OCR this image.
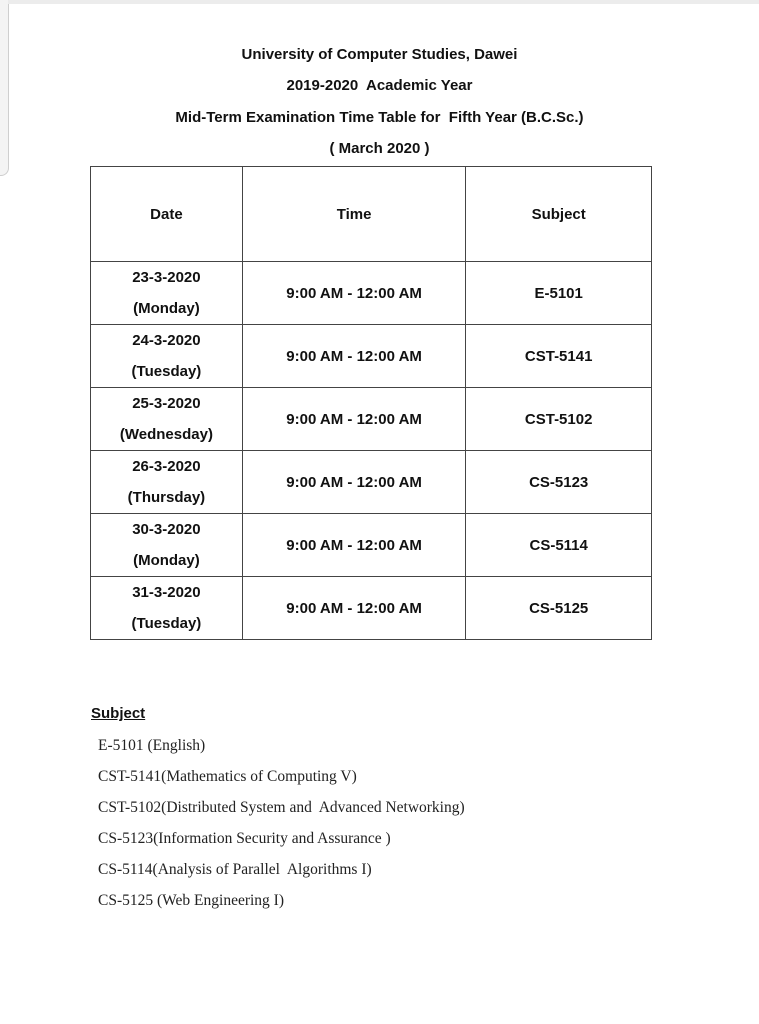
University of Computer Studies, Dawei
2019-2020  Academic Year
Mid-Term Examination Time Table for  Fifth Year (B.C.Sc.)
( March 2020 )
Date	Time	Subject

23-3-2020
(Monday)	9:00 AM - 12:00 AM	E-5101

24-3-2020
(Tuesday)	9:00 AM - 12:00 AM	CST-5141

25-3-2020
(Wednesday)	9:00 AM - 12:00 AM	CST-5102

26-3-2020
(Thursday)	9:00 AM - 12:00 AM	CS-5123

30-3-2020
(Monday)	9:00 AM - 12:00 AM	CS-5114

31-3-2020
(Tuesday)	9:00 AM - 12:00 AM	CS-5125
Subject
E-5101 (English)
CST-5141(Mathematics of Computing V)
CST-5102(Distributed System and  Advanced Networking)
CS-5123(Information Security and Assurance )
CS-5114(Analysis of Parallel  Algorithms I)
CS-5125 (Web Engineering I)
